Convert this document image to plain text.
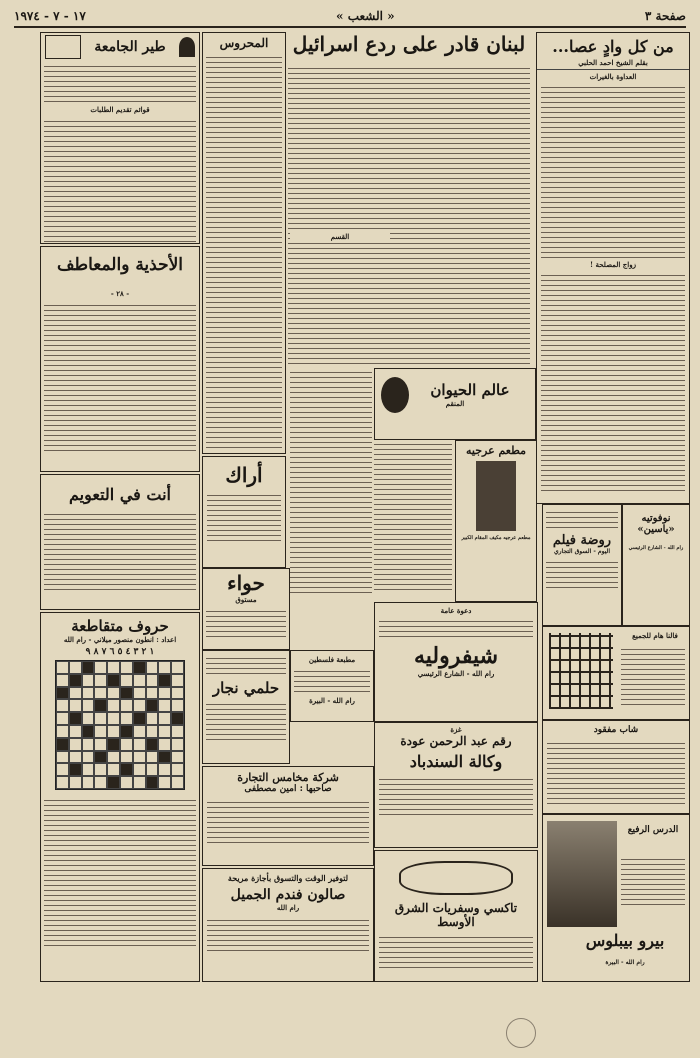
١٧ - ٧ - ١٩٧٤	« الشعب »	صفحة ٣
من كل وادٍ عصا...
بقلم الشيخ احمد الحلبي
العداوة بالغيرات
زواج المصلحة !
لبنان قادر على ردع اسرائيل
القسم
المحروس
عالم الحيوان
المنقم
مطعم عرجيه
مطعم عرجيه مكيف المقام الكبير
أراك
حواء
مستوق
دعوة عامة
شيفروليه
رام الله - الشارع الرئيسي
مطبعة فلسطين
رام الله - البيرة
حلمي نجار
غزة
رقم عبد الرحمن عودة
وكالة السندباد
شركة مخامس التجارة
صاحبها : امين مصطفى
تاكسي وسفريات الشرق الأوسط
لتوفير الوقت والتسوق بأجازة مريحة
صالون فندم الجميل
رام الله
نوفوتيه
«ياسين»
رام الله - الشارع الرئيسي
روضة فيلم
اليوم - السوق التجاري
فالنا هام للجميع
شاب مفقود
الدرس الرفيع
بيرو بيبلوس
رام الله - البيرة
طير الجامعة
قوائم تقديم الطلبات
الأحذية والمعاطف
- ٢٨ -
أنت في التعويم
حروف متقاطعة
اعداد : انطون منصور ميلاني - رام الله
١ ٢ ٣ ٤ ٥ ٦ ٧ ٨ ٩
